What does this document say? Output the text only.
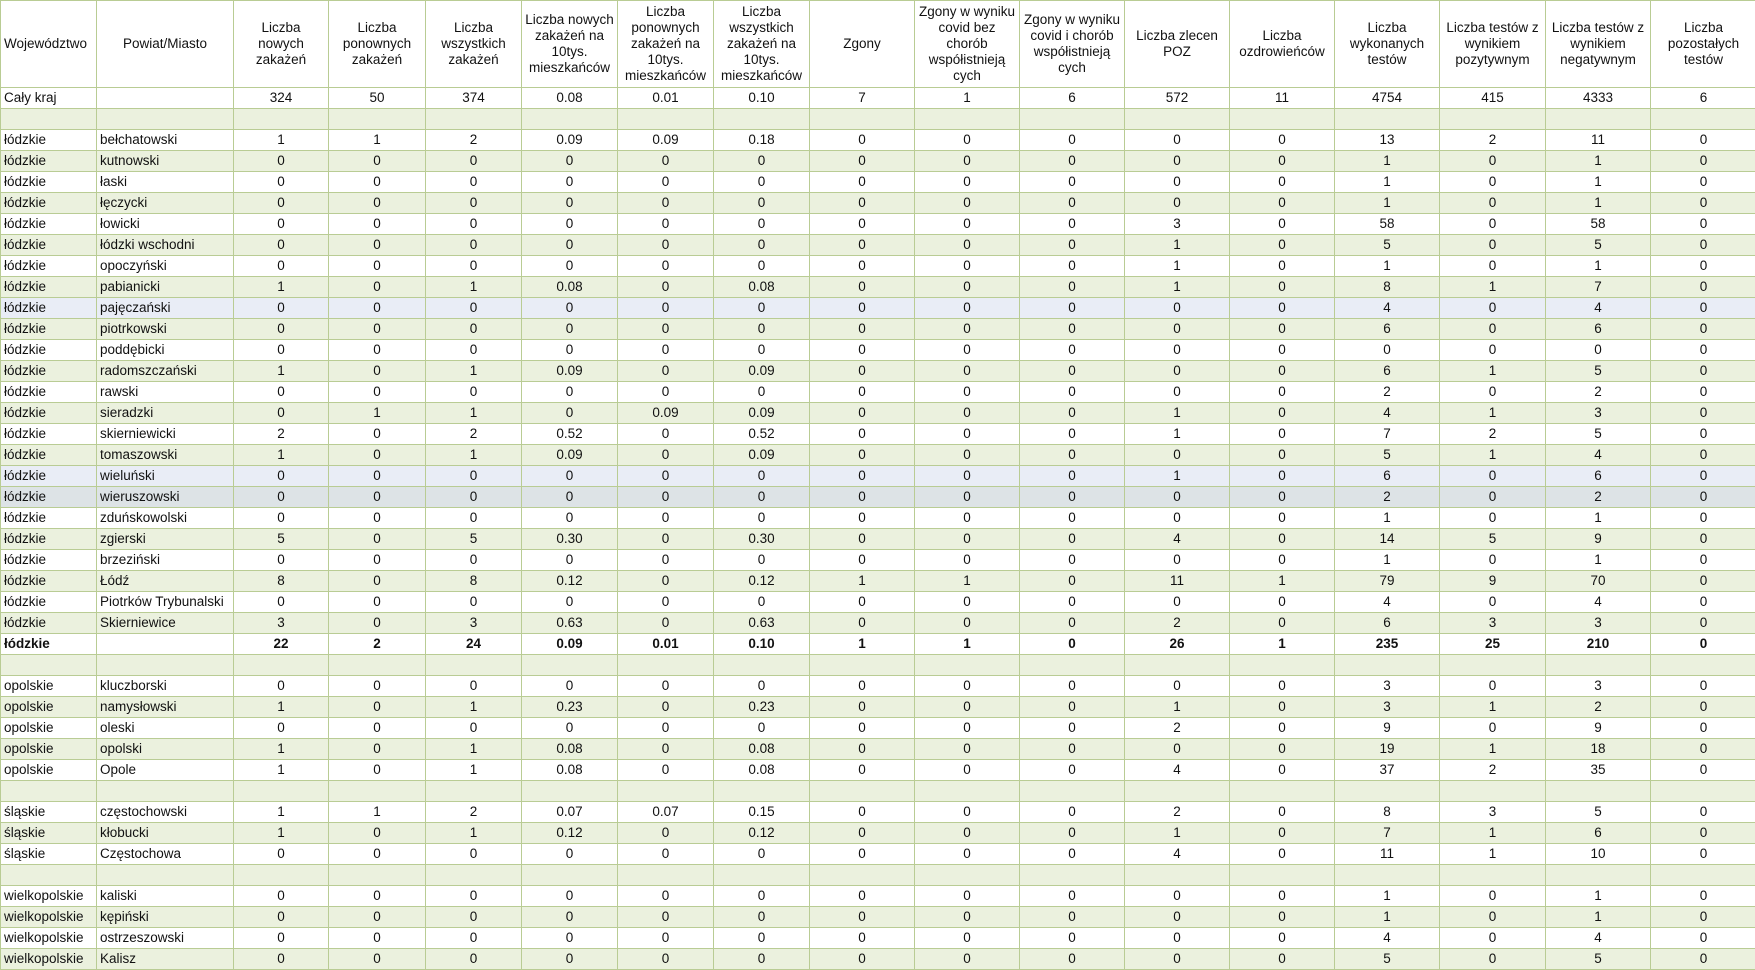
Województwo	Powiat/Miasto	Liczba nowych zakażeń	Liczba ponownych zakażeń	Liczba wszystkich zakażeń	Liczba nowych zakażeń na 10tys. mieszkańców	Liczba ponownych zakażeń na 10tys. mieszkańców	Liczba wszystkich zakażeń na 10tys. mieszkańców	Zgony	Zgony w wyniku covid bez chorób współistnieją cych	Zgony w wyniku covid i chorób współistnieją cych	Liczba zlecen POZ	Liczba ozdrowieńców	Liczba wykonanych testów	Liczba testów z wynikiem pozytywnym	Liczba testów z wynikiem negatywnym	Liczba pozostałych testów
Cały kraj		324	50	374	0.08	0.01	0.10	7	1	6	572	11	4754	415	4333	6

łódzkie	bełchatowski	1	1	2	0.09	0.09	0.18	0	0	0	0	0	13	2	11	0
łódzkie	kutnowski	0	0	0	0	0	0	0	0	0	0	0	1	0	1	0
łódzkie	łaski	0	0	0	0	0	0	0	0	0	0	0	1	0	1	0
łódzkie	łęczycki	0	0	0	0	0	0	0	0	0	0	0	1	0	1	0
łódzkie	łowicki	0	0	0	0	0	0	0	0	0	3	0	58	0	58	0
łódzkie	łódzki wschodni	0	0	0	0	0	0	0	0	0	1	0	5	0	5	0
łódzkie	opoczyński	0	0	0	0	0	0	0	0	0	1	0	1	0	1	0
łódzkie	pabianicki	1	0	1	0.08	0	0.08	0	0	0	1	0	8	1	7	0
łódzkie	pajęczański	0	0	0	0	0	0	0	0	0	0	0	4	0	4	0
łódzkie	piotrkowski	0	0	0	0	0	0	0	0	0	0	0	6	0	6	0
łódzkie	poddębicki	0	0	0	0	0	0	0	0	0	0	0	0	0	0	0
łódzkie	radomszczański	1	0	1	0.09	0	0.09	0	0	0	0	0	6	1	5	0
łódzkie	rawski	0	0	0	0	0	0	0	0	0	0	0	2	0	2	0
łódzkie	sieradzki	0	1	1	0	0.09	0.09	0	0	0	1	0	4	1	3	0
łódzkie	skierniewicki	2	0	2	0.52	0	0.52	0	0	0	1	0	7	2	5	0
łódzkie	tomaszowski	1	0	1	0.09	0	0.09	0	0	0	0	0	5	1	4	0
łódzkie	wieluński	0	0	0	0	0	0	0	0	0	1	0	6	0	6	0
łódzkie	wieruszowski	0	0	0	0	0	0	0	0	0	0	0	2	0	2	0
łódzkie	zduńskowolski	0	0	0	0	0	0	0	0	0	0	0	1	0	1	0
łódzkie	zgierski	5	0	5	0.30	0	0.30	0	0	0	4	0	14	5	9	0
łódzkie	brzeziński	0	0	0	0	0	0	0	0	0	0	0	1	0	1	0
łódzkie	Łódź	8	0	8	0.12	0	0.12	1	1	0	11	1	79	9	70	0
łódzkie	Piotrków Trybunalski	0	0	0	0	0	0	0	0	0	0	0	4	0	4	0
łódzkie	Skierniewice	3	0	3	0.63	0	0.63	0	0	0	2	0	6	3	3	0
łódzkie		22	2	24	0.09	0.01	0.10	1	1	0	26	1	235	25	210	0

opolskie	kluczborski	0	0	0	0	0	0	0	0	0	0	0	3	0	3	0
opolskie	namysłowski	1	0	1	0.23	0	0.23	0	0	0	1	0	3	1	2	0
opolskie	oleski	0	0	0	0	0	0	0	0	0	2	0	9	0	9	0
opolskie	opolski	1	0	1	0.08	0	0.08	0	0	0	0	0	19	1	18	0
opolskie	Opole	1	0	1	0.08	0	0.08	0	0	0	4	0	37	2	35	0

śląskie	częstochowski	1	1	2	0.07	0.07	0.15	0	0	0	2	0	8	3	5	0
śląskie	kłobucki	1	0	1	0.12	0	0.12	0	0	0	1	0	7	1	6	0
śląskie	Częstochowa	0	0	0	0	0	0	0	0	0	4	0	11	1	10	0

wielkopolskie	kaliski	0	0	0	0	0	0	0	0	0	0	0	1	0	1	0
wielkopolskie	kępiński	0	0	0	0	0	0	0	0	0	0	0	1	0	1	0
wielkopolskie	ostrzeszowski	0	0	0	0	0	0	0	0	0	0	0	4	0	4	0
wielkopolskie	Kalisz	0	0	0	0	0	0	0	0	0	0	0	5	0	5	0
